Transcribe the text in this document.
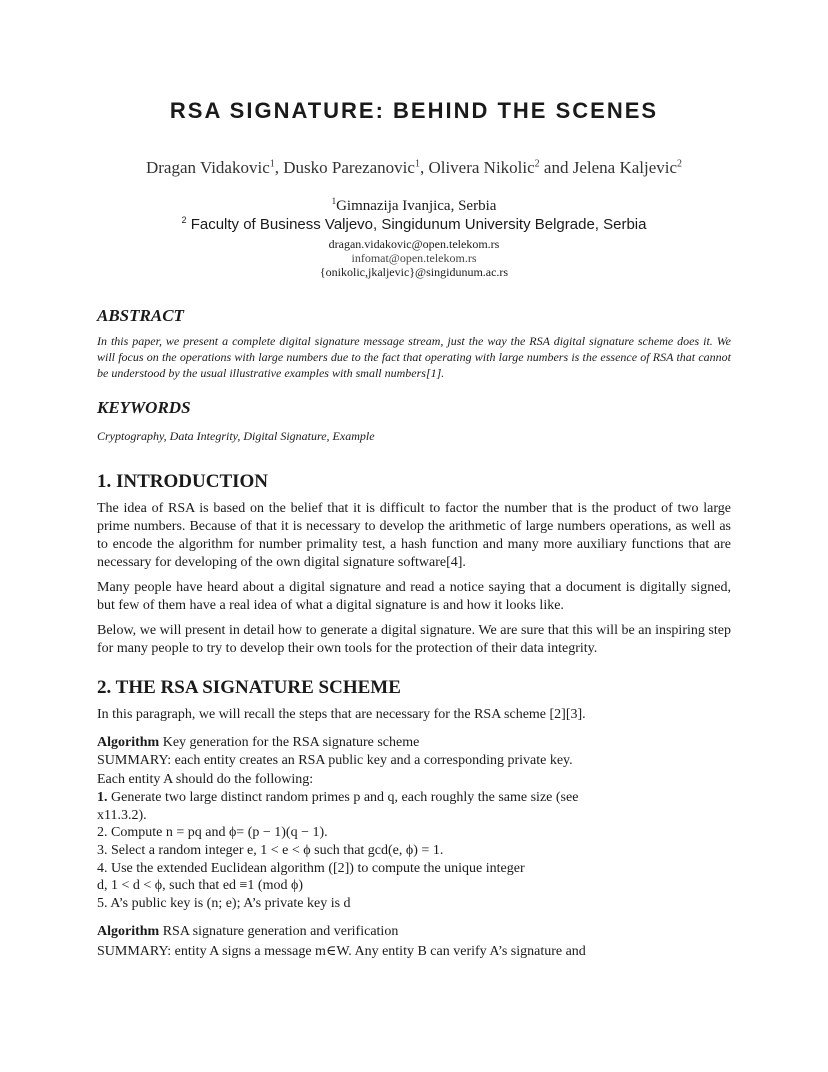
RSA SIGNATURE: BEHIND THE SCENES
Dragan Vidakovic$^1$, Dusko Parezanovic$^1$, Olivera Nikolic$^2$ and Jelena Kaljevic$^2$
$^1$Gimnazija Ivanjica, Serbia
$^2$ Faculty of Business Valjevo, Singidunum University Belgrade, Serbia
dragan.vidakovic@open.telekom.rs
infomat@open.telekom.rs
{onikolic,jkaljevic}@singidunum.ac.rs
ABSTRACT
In this paper, we present a complete digital signature message stream, just the way the RSA digital signature scheme does it. We will focus on the operations with large numbers due to the fact that operating with large numbers is the essence of RSA that cannot be understood by the usual illustrative examples with small numbers[1].
KEYWORDS
Cryptography, Data Integrity, Digital Signature, Example
1. INTRODUCTION
The idea of RSA is based on the belief that it is difficult to factor the number that is the product of two large prime numbers. Because of that it is necessary to develop the arithmetic of large numbers operations, as well as to encode the algorithm for number primality test, a hash function and many more auxiliary functions that are necessary for developing of the own digital signature software[4].
Many people have heard about a digital signature and read a notice saying that a document is digitally signed, but few of them have a real idea of what a digital signature is and how it looks like.
Below, we will present in detail how to generate a digital signature. We are sure that this will be an inspiring step for many people to try to develop their own tools for the protection of their data integrity.
2. THE RSA SIGNATURE SCHEME
In this paragraph, we will recall the steps that are necessary for the RSA scheme [2][3].
Algorithm Key generation for the RSA signature scheme
SUMMARY: each entity creates an RSA public key and a corresponding private key.
Each entity A should do the following:
1. Generate two large distinct random primes p and q, each roughly the same size (see
x11.3.2).
2. Compute n = pq and ϕ= (p − 1)(q − 1).
3. Select a random integer e, 1 < e < ϕ such that gcd(e, ϕ) = 1.
4. Use the extended Euclidean algorithm ([2]) to compute the unique integer
d, 1 < d < ϕ, such that ed ≡1 (mod ϕ)
5. A’s public key is (n; e); A’s private key is d
Algorithm RSA signature generation and verification
SUMMARY: entity A signs a message m∈W. Any entity B can verify A’s signature and
